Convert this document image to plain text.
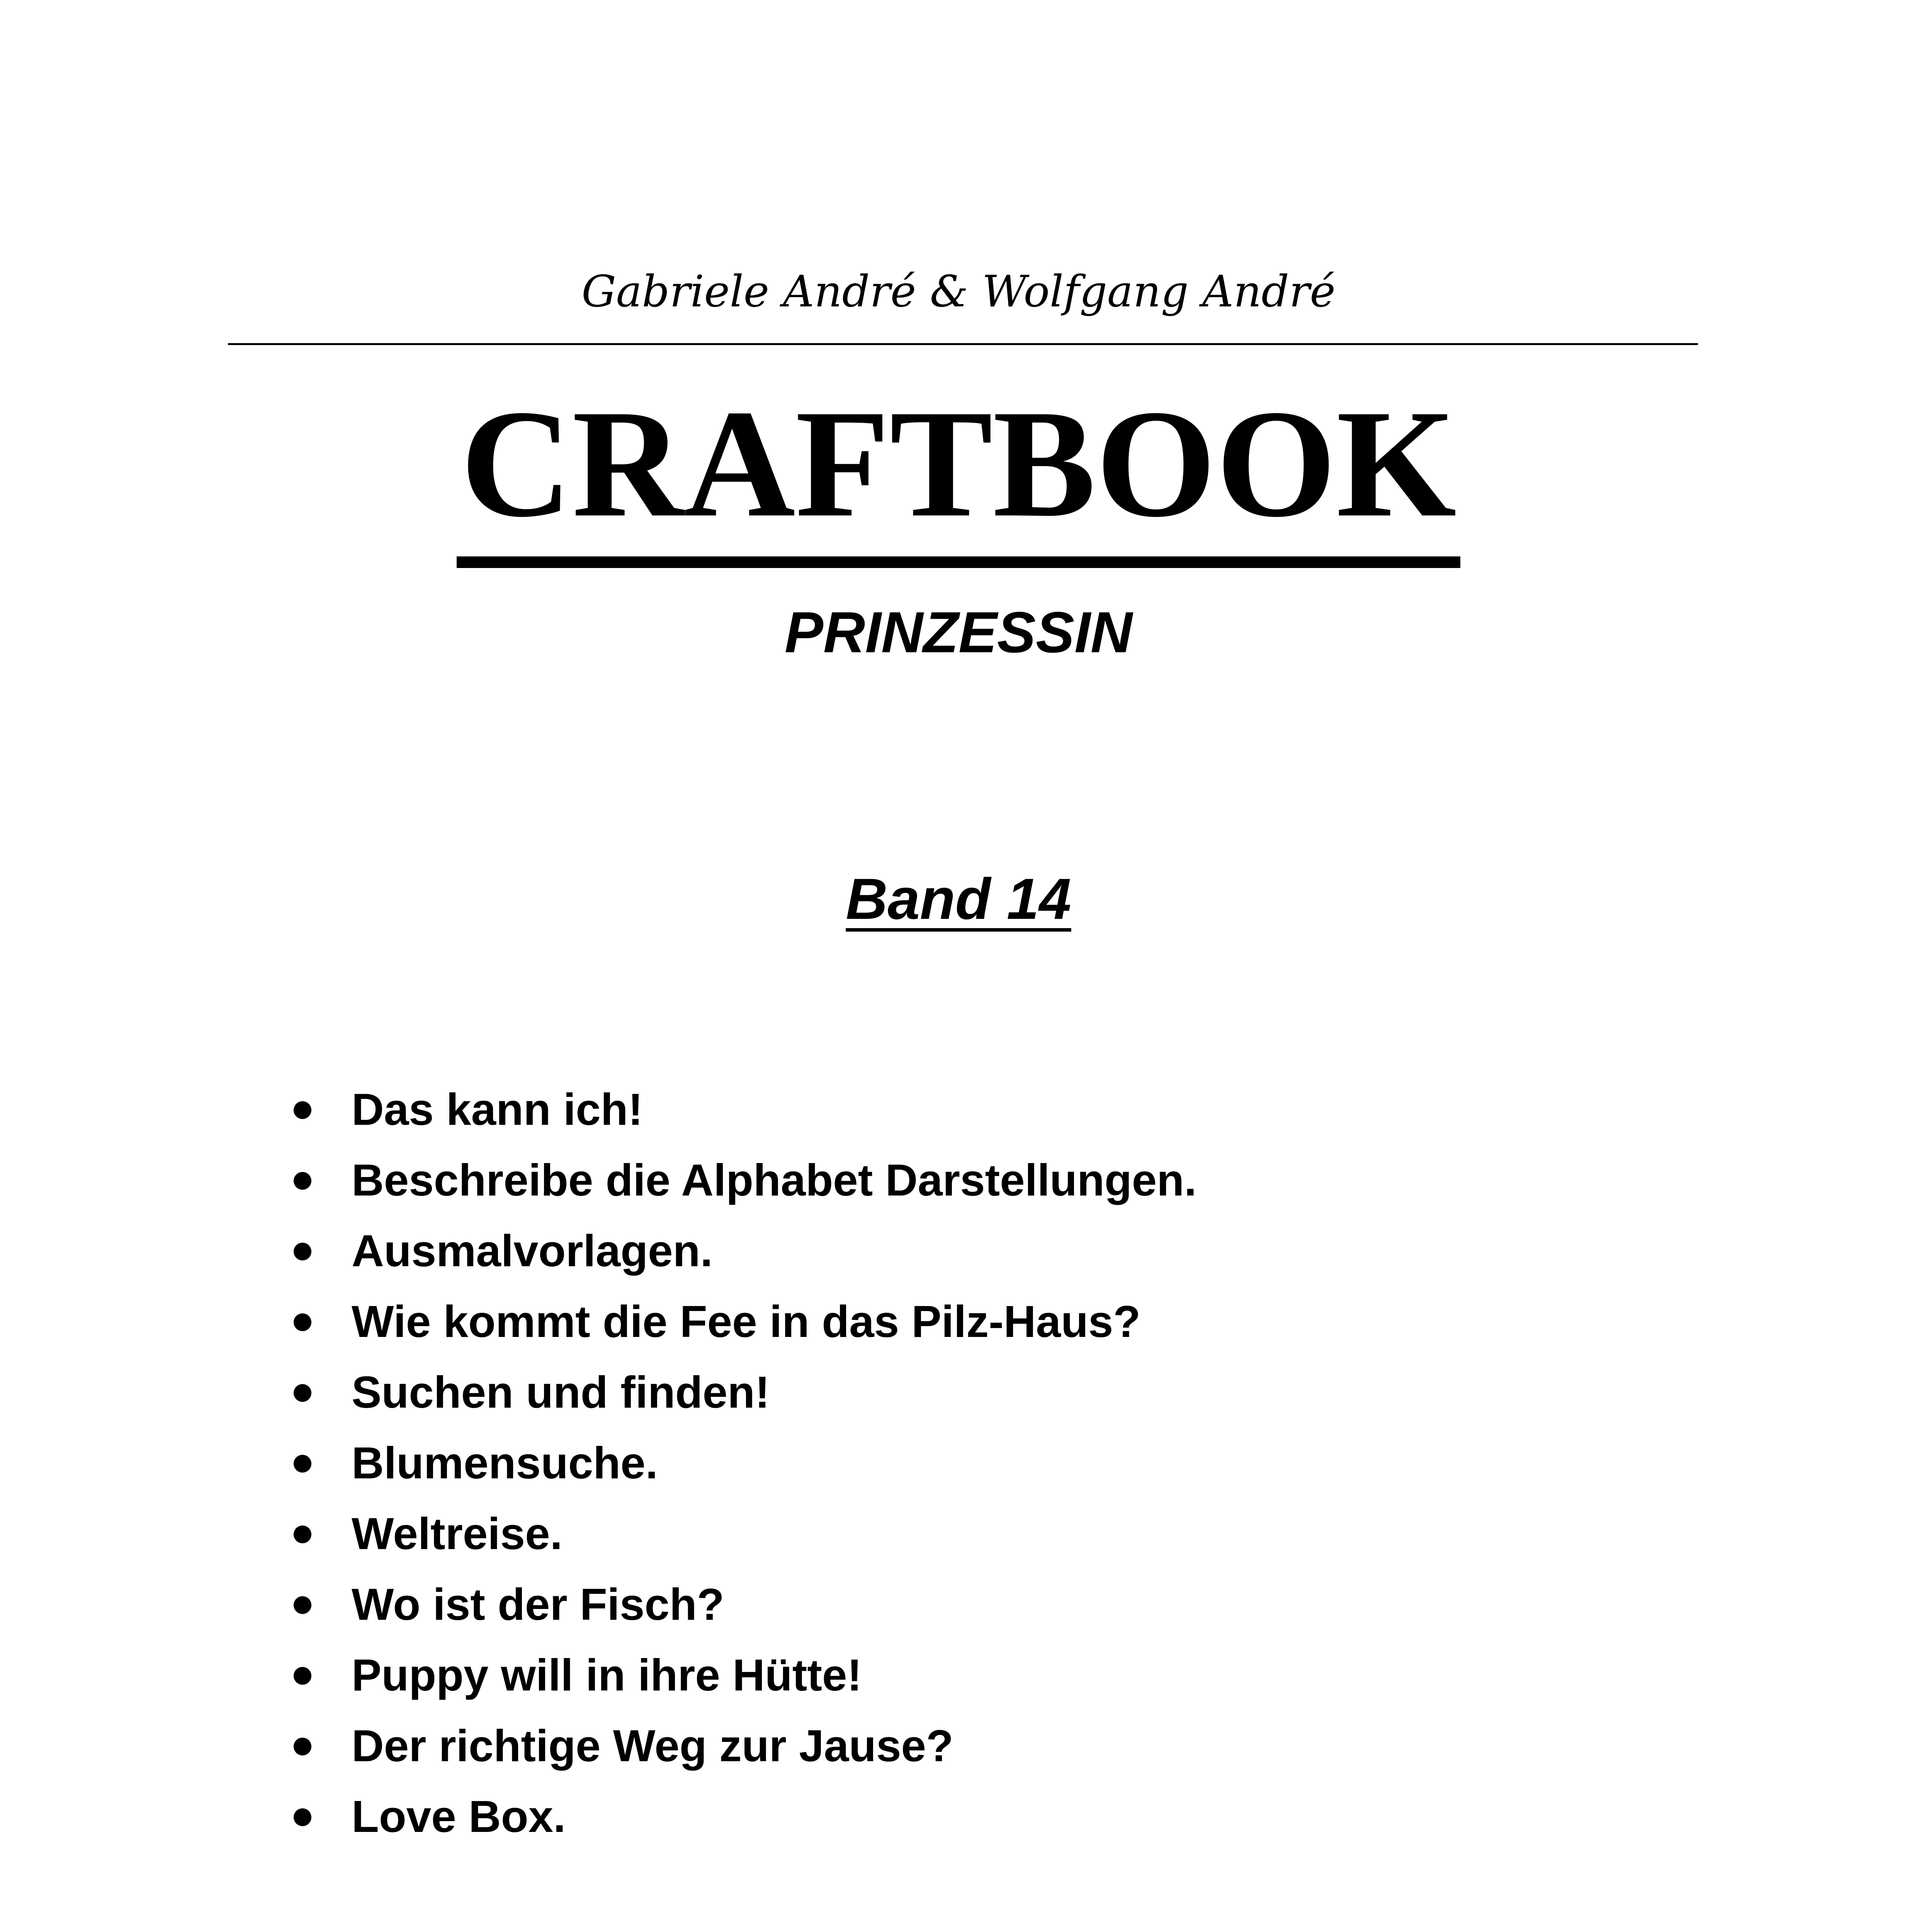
Gabriele André & Wolfgang André
CRAFTBOOK
PRINZESSIN
Band 14
Das kann ich!
Beschreibe die Alphabet Darstellungen.
Ausmalvorlagen.
Wie kommt die Fee in das Pilz-Haus?
Suchen und finden!
Blumensuche.
Weltreise.
Wo ist der Fisch?
Puppy will in ihre Hütte!
Der richtige Weg zur Jause?
Love Box.
